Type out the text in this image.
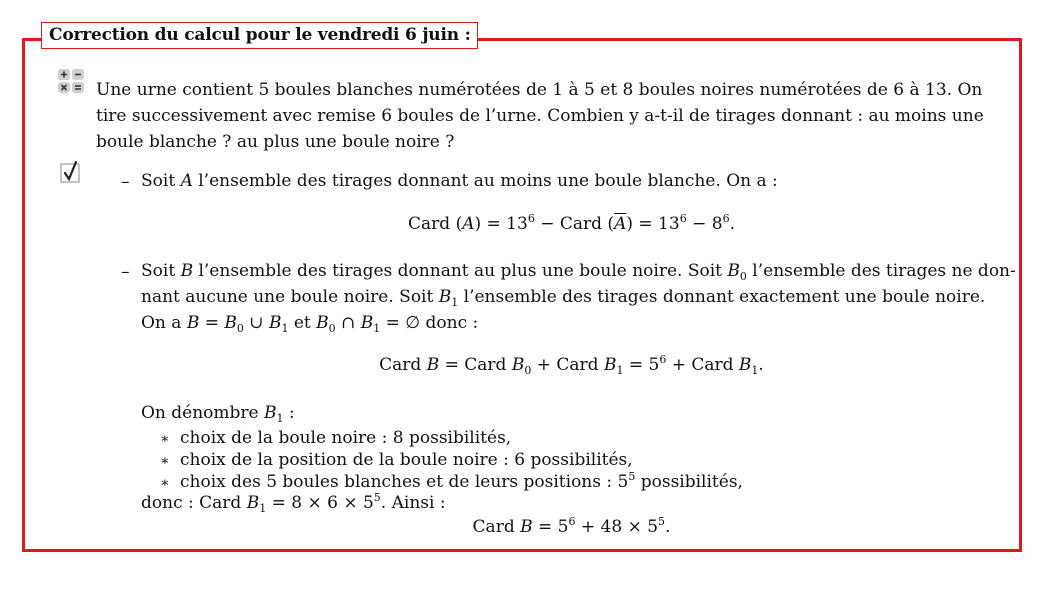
Correction du calcul pour le vendredi 6 juin :
Une urne contient 5 boules blanches numérotées de 1 à 5 et 8 boules noires numérotées de 6 à 13. On tire successivement avec remise 6 boules de l’urne. Combien y a-t-il de tirages donnant : au moins une boule blanche ? au plus une boule noire ?
– Soit A l’ensemble des tirages donnant au moins une boule blanche. On a :
Card $(A) = 13^6$ − Card $(\overline{A}) = 13^6 - 8^6$.
– Soit B l’ensemble des tirages donnant au plus une boule noire. Soit $B_0$ l’ensemble des tirages ne don-
nant aucune une boule noire. Soit $B_1$ l’ensemble des tirages donnant exactement une boule noire.
On a $B = B_0$ ∪ $B_1$ et $B_0$ ∩ $B_1$ = ∅ donc :
Card B = Card $B_0$ + Card $B_1 = 5^6$ + Card $B_1$.
On dénombre $B_1$ :
∗ choix de la boule noire : 8 possibilités,
∗ choix de la position de la boule noire : 6 possibilités,
∗ choix des 5 boules blanches et de leurs positions : $5^5$ possibilités,
donc : Card $B_1 = 8 \times 6 \times 5^5$. Ainsi :
Card $B = 5^6 + 48 \times 5^5$.
